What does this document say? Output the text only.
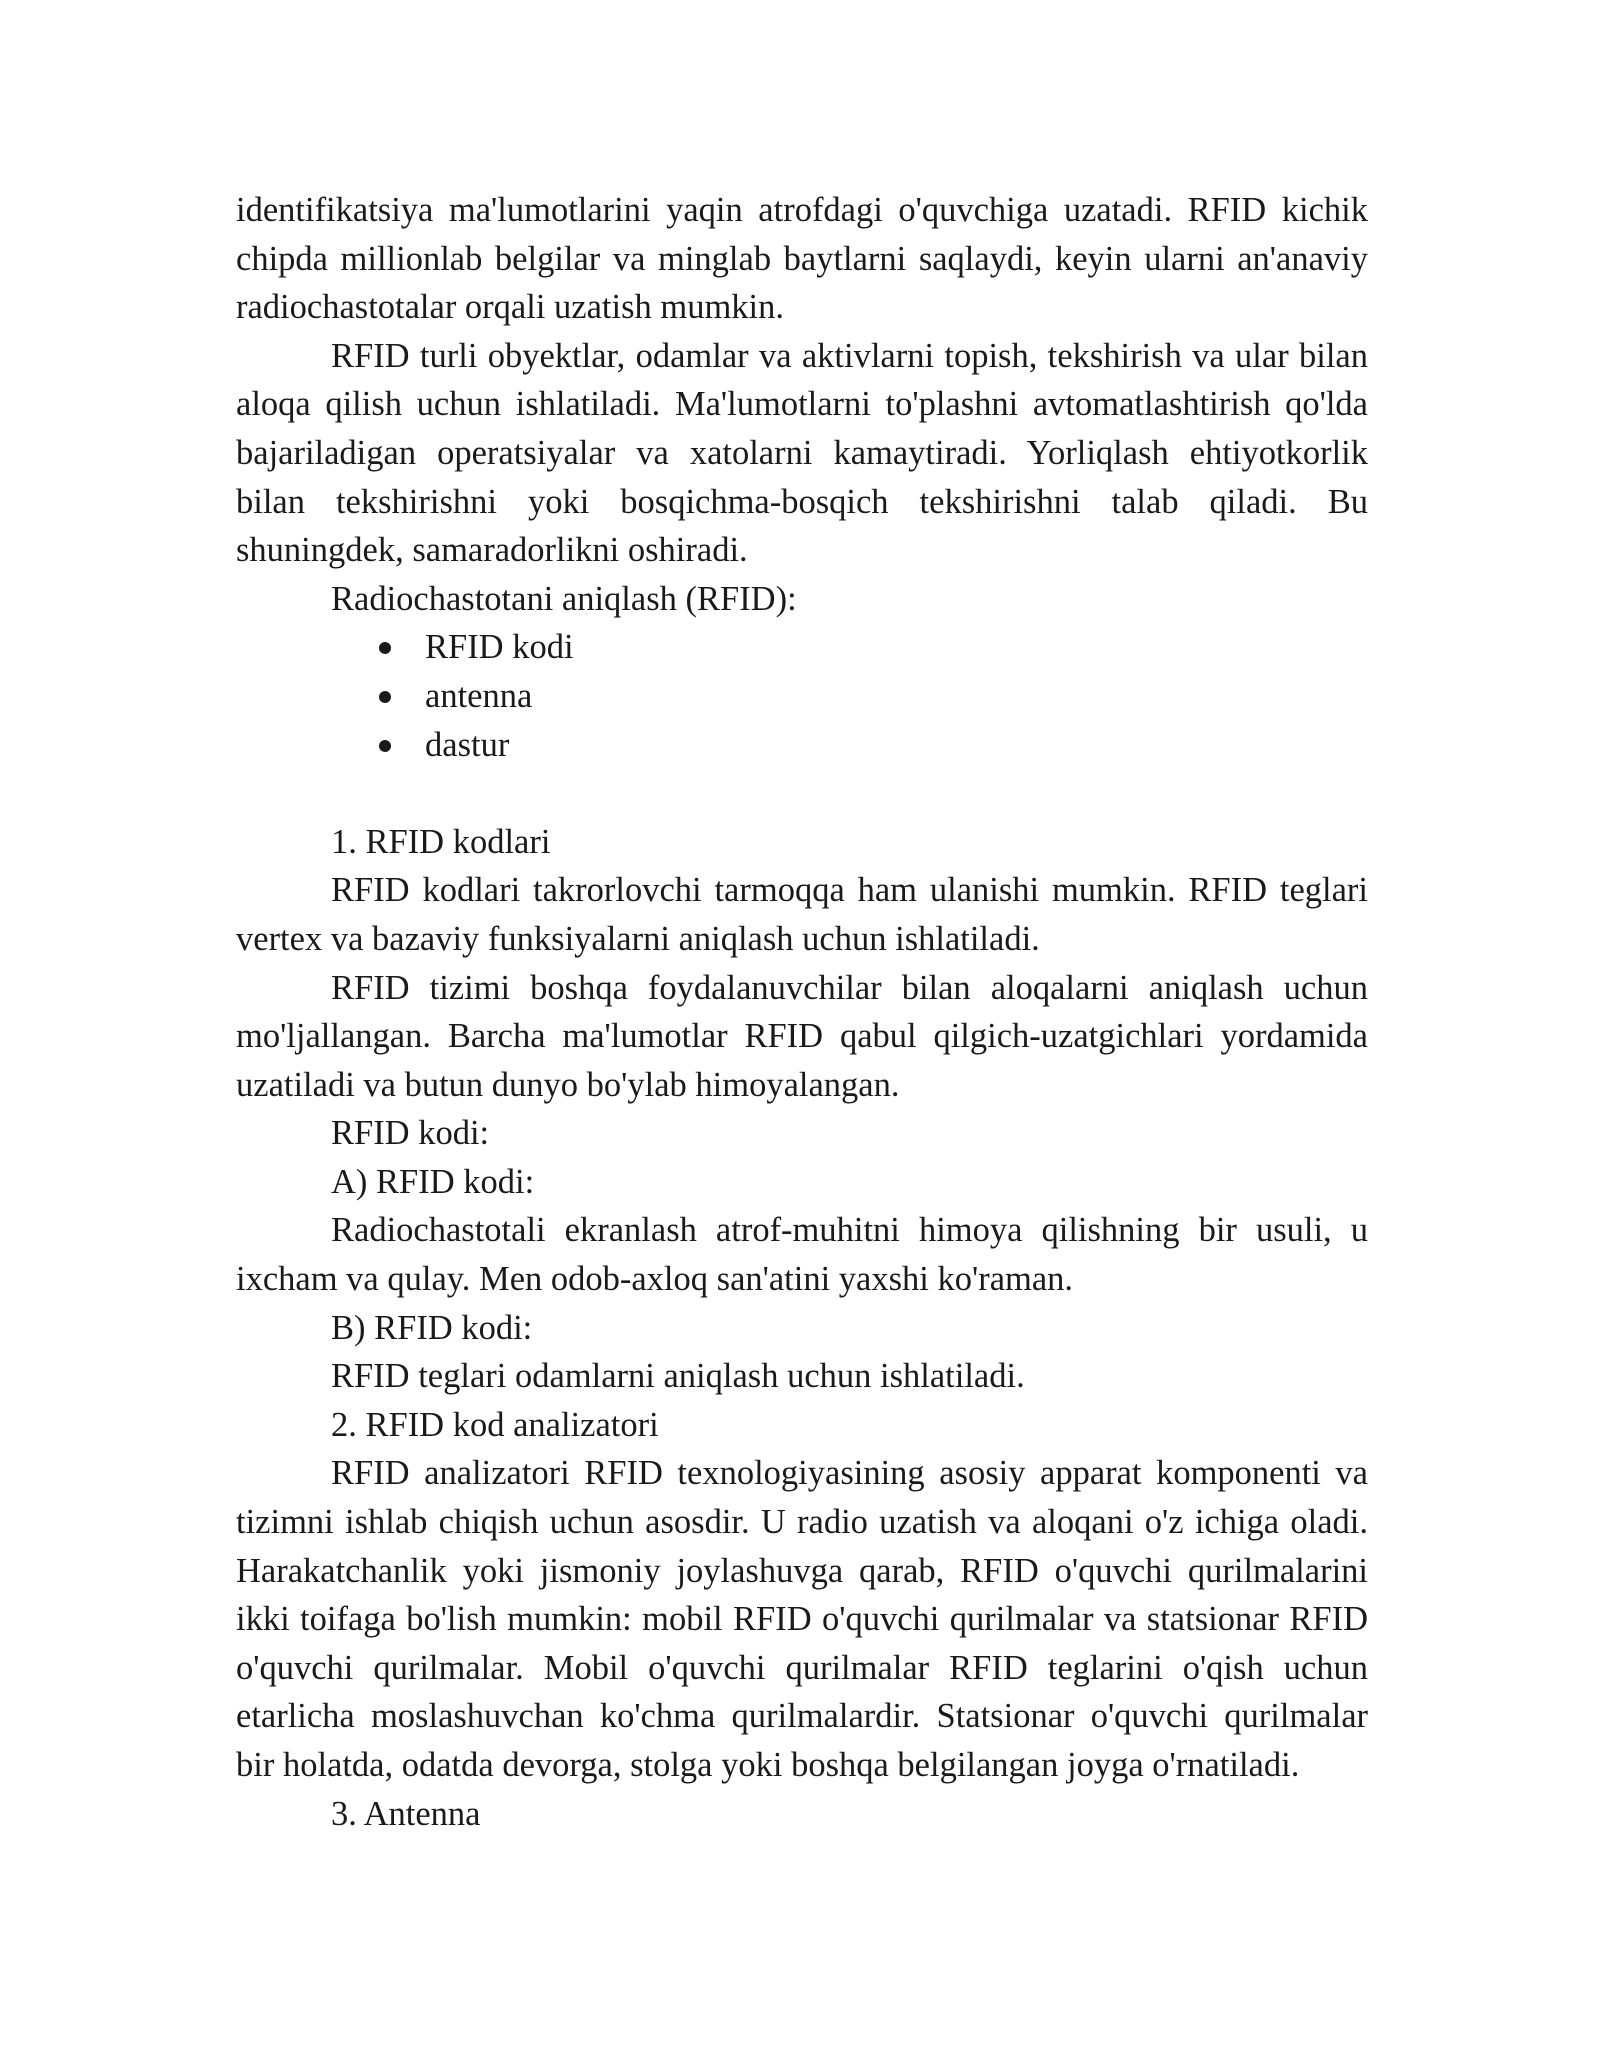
identifikatsiya ma'lumotlarini yaqin atrofdagi o'quvchiga uzatadi. RFID kichik chipda millionlab belgilar va minglab baytlarni saqlaydi, keyin ularni an'anaviy radiochastotalar orqali uzatish mumkin.

RFID turli obyektlar, odamlar va aktivlarni topish, tekshirish va ular bilan aloqa qilish uchun ishlatiladi. Ma'lumotlarni to'plashni avtomatlashtirish qo'lda bajariladigan operatsiyalar va xatolarni kamaytiradi. Yorliqlash ehtiyotkorlik bilan tekshirishni yoki bosqichma-bosqich tekshirishni talab qiladi. Bu shuningdek, samaradorlikni oshiradi.

Radiochastotani aniqlash (RFID):

RFID kodi
antenna
dastur

1. RFID kodlari

RFID kodlari takrorlovchi tarmoqqa ham ulanishi mumkin. RFID teglari vertex va bazaviy funksiyalarni aniqlash uchun ishlatiladi.

RFID tizimi boshqa foydalanuvchilar bilan aloqalarni aniqlash uchun mo'ljallangan. Barcha ma'lumotlar RFID qabul qilgich-uzatgichlari yordamida uzatiladi va butun dunyo bo'ylab himoyalangan.

RFID kodi:

A) RFID kodi:

Radiochastotali ekranlash atrof-muhitni himoya qilishning bir usuli, u ixcham va qulay. Men odob-axloq san'atini yaxshi ko'raman.

B) RFID kodi:

RFID teglari odamlarni aniqlash uchun ishlatiladi.

2. RFID kod analizatori

RFID analizatori RFID texnologiyasining asosiy apparat komponenti va tizimni ishlab chiqish uchun asosdir. U radio uzatish va aloqani o'z ichiga oladi. Harakatchanlik yoki jismoniy joylashuvga qarab, RFID o'quvchi qurilmalarini ikki toifaga bo'lish mumkin: mobil RFID o'quvchi qurilmalar va statsionar RFID o'quvchi qurilmalar. Mobil o'quvchi qurilmalar RFID teglarini o'qish uchun etarlicha moslashuvchan ko'chma qurilmalardir. Statsionar o'quvchi qurilmalar bir holatda, odatda devorga, stolga yoki boshqa belgilangan joyga o'rnatiladi.

3. Antenna
